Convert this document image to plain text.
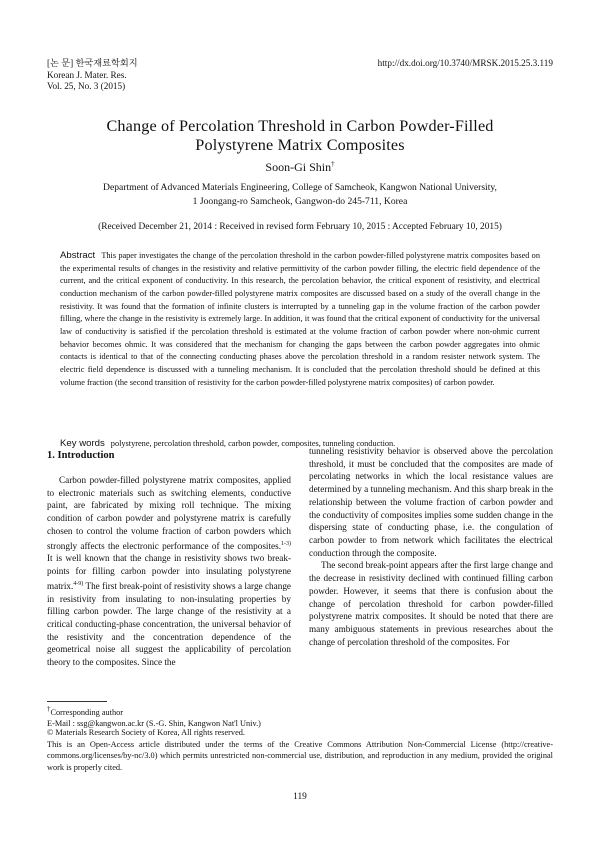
[논 문] 한국재료학회지
Korean J. Mater. Res.
Vol. 25, No. 3 (2015)
http://dx.doi.org/10.3740/MRSK.2015.25.3.119
Change of Percolation Threshold in Carbon Powder-Filled
Polystyrene Matrix Composites
Soon-Gi Shin†
Department of Advanced Materials Engineering, College of Samcheok, Kangwon National University,
1 Joongang-ro Samcheok, Gangwon-do 245-711, Korea
(Received December 21, 2014 : Received in revised form February 10, 2015 : Accepted February 10, 2015)
Abstract This paper investigates the change of the percolation threshold in the carbon powder-filled polystyrene matrix composites based on the experimental results of changes in the resistivity and relative permittivity of the carbon powder filling, the electric field dependence of the current, and the critical exponent of conductivity. In this research, the percolation behavior, the critical exponent of resistivity, and electrical conduction mechanism of the carbon powder-filled polystyrene matrix composites are discussed based on a study of the overall change in the resistivity. It was found that the formation of infinite clusters is interrupted by a tunneling gap in the volume fraction of the carbon powder filling, where the change in the resistivity is extremely large. In addition, it was found that the critical exponent of conductivity for the universal law of conductivity is satisfied if the percolation threshold is estimated at the volume fraction of carbon powder where non-ohmic current behavior becomes ohmic. It was considered that the mechanism for changing the gaps between the carbon powder aggregates into ohmic contacts is identical to that of the connecting conducting phases above the percolation threshold in a random resister network system. The electric field dependence is discussed with a tunneling mechanism. It is concluded that the percolation threshold should be defined at this volume fraction (the second transition of resistivity for the carbon powder-filled polystyrene matrix composites) of carbon powder.
Key words polystyrene, percolation threshold, carbon powder, composites, tunneling conduction.
1. Introduction

Carbon powder-filled polystyrene matrix composites, applied to electronic materials such as switching elements, conductive paint, are fabricated by mixing roll technique. The mixing condition of carbon powder and polystyrene matrix is carefully chosen to control the volume fraction of carbon powders which strongly affects the electronic performance of the composites.$^{1-3)}$ It is well known that the change in resistivity shows two break-points for filling carbon powder into insulating polystyrene matrix.$^{4-9)}$ The first break-point of resistivity shows a large change in resistivity from insulating to non-insulating properties by filling carbon powder. The large change of the resistivity at a critical conducting-phase concentration, the universal behavior of the resistivity and the concentration dependence of the geometrical noise all suggest the applicability of percolation theory to the composites. Since the

tunneling resistivity behavior is observed above the percolation threshold, it must be concluded that the composites are made of percolating networks in which the local resistance values are determined by a tunneling mechanism. And this sharp break in the relationship between the volume fraction of carbon powder and the conductivity of composites implies some sudden change in the dispersing state of conducting phase, i.e. the congulation of carbon powder to from network which facilitates the electrical conduction through the composite.

The second break-point appears after the first large change and the decrease in resistivity declined with continued filling carbon powder. However, it seems that there is confusion about the change of percolation threshold for carbon powder-filled polystyrene matrix composites. It should be noted that there are many ambiguous statements in previous researches about the change of percolation threshold of the composites. For

†Corresponding author
E-Mail : ssg@kangwon.ac.kr (S.-G. Shin, Kangwon Nat'l Univ.)
© Materials Research Society of Korea, All rights reserved.
This is an Open-Access article distributed under the terms of the Creative Commons Attribution Non-Commercial License (http://creative-commons.org/licenses/by-nc/3.0) which permits unrestricted non-commercial use, distribution, and reproduction in any medium, provided the original work is properly cited.
119
